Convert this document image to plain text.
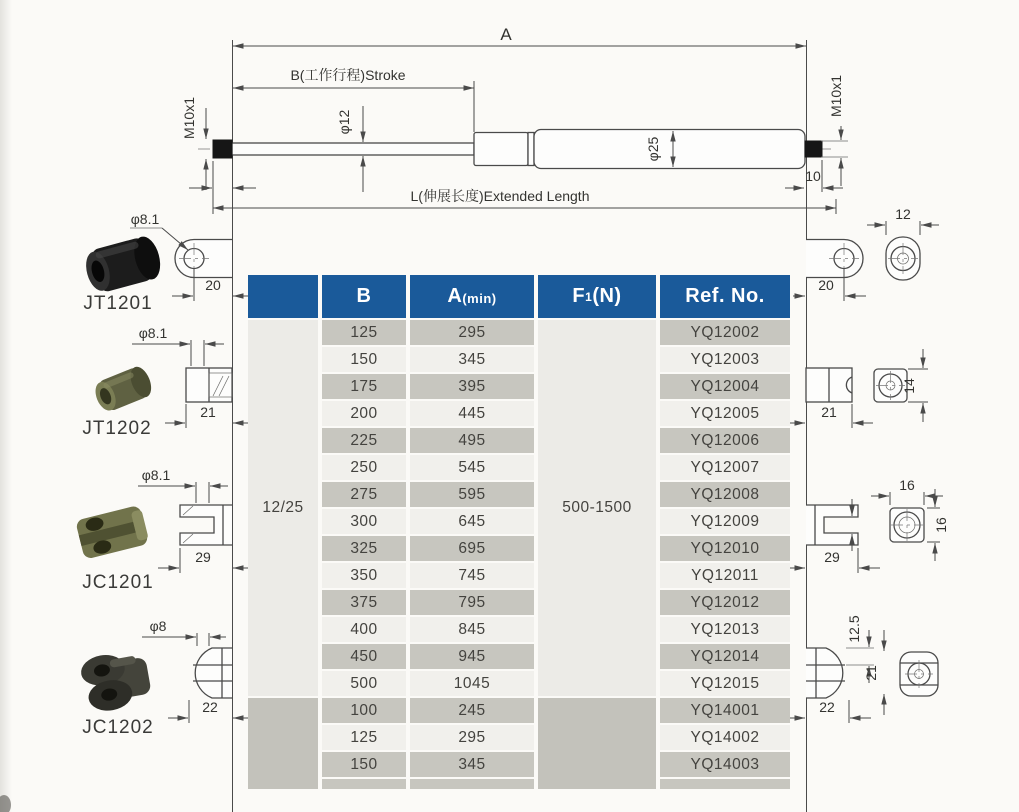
A
B(工作行程)Stroke
L(伸展长度)Extended Length
φ12
φ25
M10x1
M10x1
10
φ8.1
20	20
12
φ8.1
21	21
14
φ8.1
29	29
16
16
φ8
22
12.5
21
22
JT1201
JT1202
JC1201
JC1202
B	A (min)	F 1 (N)	Ref. No.
12/25	500-1500
125	295	YQ12002
150	345	YQ12003
175	395	YQ12004
200	445	YQ12005
225	495	YQ12006
250	545	YQ12007
275	595	YQ12008
300	645	YQ12009
325	695	YQ12010
350	745	YQ12011
375	795	YQ12012
400	845	YQ12013
450	945	YQ12014
500	1045	YQ12015
100	245	YQ14001
125	295	YQ14002
150	345	YQ14003
